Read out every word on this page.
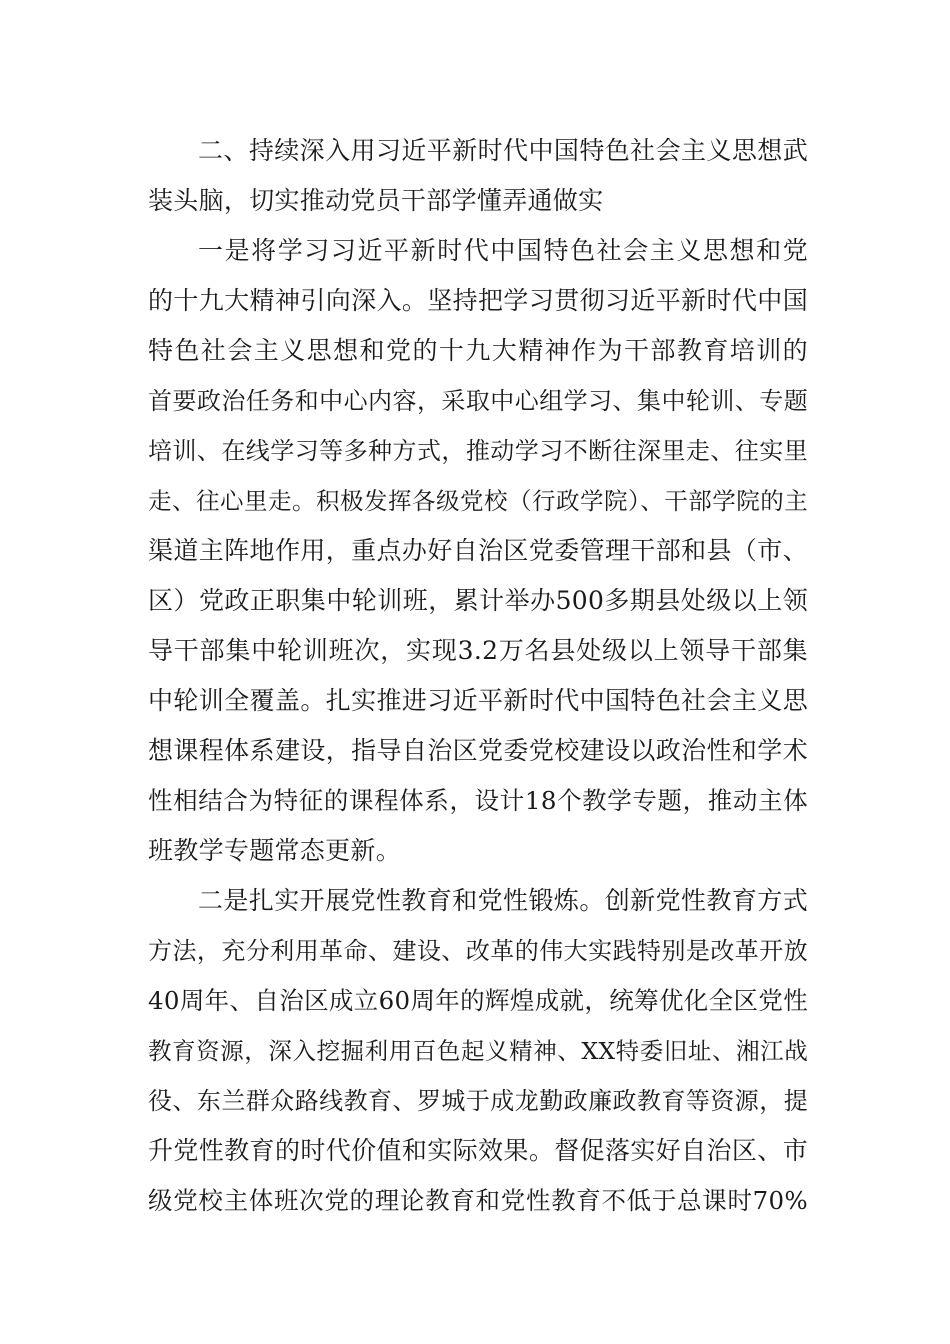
二、持续深入用习近平新时代中国特色社会主义思想武
装头脑，切实推动党员干部学懂弄通做实
一是将学习习近平新时代中国特色社会主义思想和党
的十九大精神引向深入。坚持把学习贯彻习近平新时代中国
特色社会主义思想和党的十九大精神作为干部教育培训的
首要政治任务和中心内容，采取中心组学习、集中轮训、专题
培训、在线学习等多种方式，推动学习不断往深里走、往实里
走、往心里走。积极发挥各级党校（行政学院）、干部学院的主
渠道主阵地作用，重点办好自治区党委管理干部和县（市、
区）党政正职集中轮训班，累计举办500多期县处级以上领
导干部集中轮训班次，实现3.2万名县处级以上领导干部集
中轮训全覆盖。扎实推进习近平新时代中国特色社会主义思
想课程体系建设，指导自治区党委党校建设以政治性和学术
性相结合为特征的课程体系，设计18个教学专题，推动主体
班教学专题常态更新。
二是扎实开展党性教育和党性锻炼。创新党性教育方式
方法，充分利用革命、建设、改革的伟大实践特别是改革开放
40周年、自治区成立60周年的辉煌成就，统筹优化全区党性
教育资源，深入挖掘利用百色起义精神、XX特委旧址、湘江战
役、东兰群众路线教育、罗城于成龙勤政廉政教育等资源，提
升党性教育的时代价值和实际效果。督促落实好自治区、市
级党校主体班次党的理论教育和党性教育不低于总课时70%
